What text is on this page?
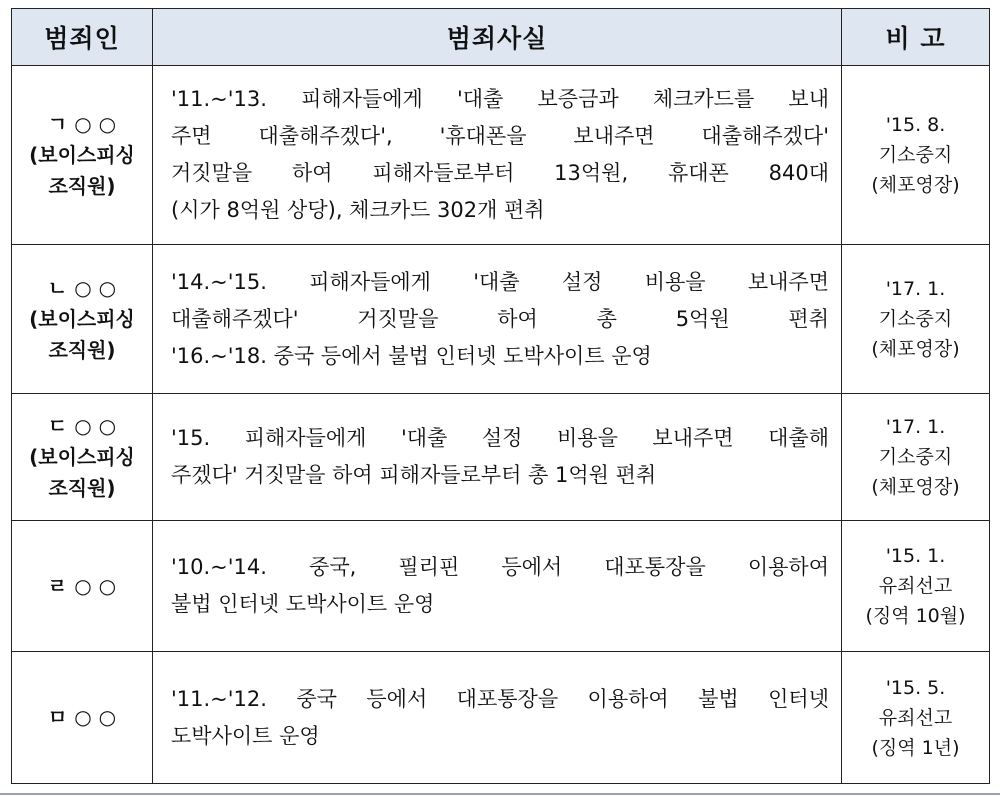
범죄인	범죄사실	비 고

ㄱ ○ ○
(보이스피싱
조직원)	'11.~'13. 피해자들에게 '대출 보증금과 체크카드를 보내
주면 대출해주겠다', '휴대폰을 보내주면 대출해주겠다'
거짓말을 하여 피해자들로부터 13억원, 휴대폰 840대
(시가 8억원 상당), 체크카드 302개 편취	'15. 8.
기소중지
(체포영장)

ㄴ ○ ○
(보이스피싱
조직원)	'14.~'15. 피해자들에게 '대출 설정 비용을 보내주면
대출해주겠다' 거짓말을 하여 총 5억원 편취
'16.~'18. 중국 등에서 불법 인터넷 도박사이트 운영	'17. 1.
기소중지
(체포영장)

ㄷ ○ ○
(보이스피싱
조직원)	'15. 피해자들에게 '대출 설정 비용을 보내주면 대출해
주겠다' 거짓말을 하여 피해자들로부터 총 1억원 편취	'17. 1.
기소중지
(체포영장)

ㄹ ○ ○	'10.~'14. 중국, 필리핀 등에서 대포통장을 이용하여
불법 인터넷 도박사이트 운영	'15. 1.
유죄선고
(징역 10월)

ㅁ ○ ○	'11.~'12. 중국 등에서 대포통장을 이용하여 불법 인터넷
도박사이트 운영	'15. 5.
유죄선고
(징역 1년)
